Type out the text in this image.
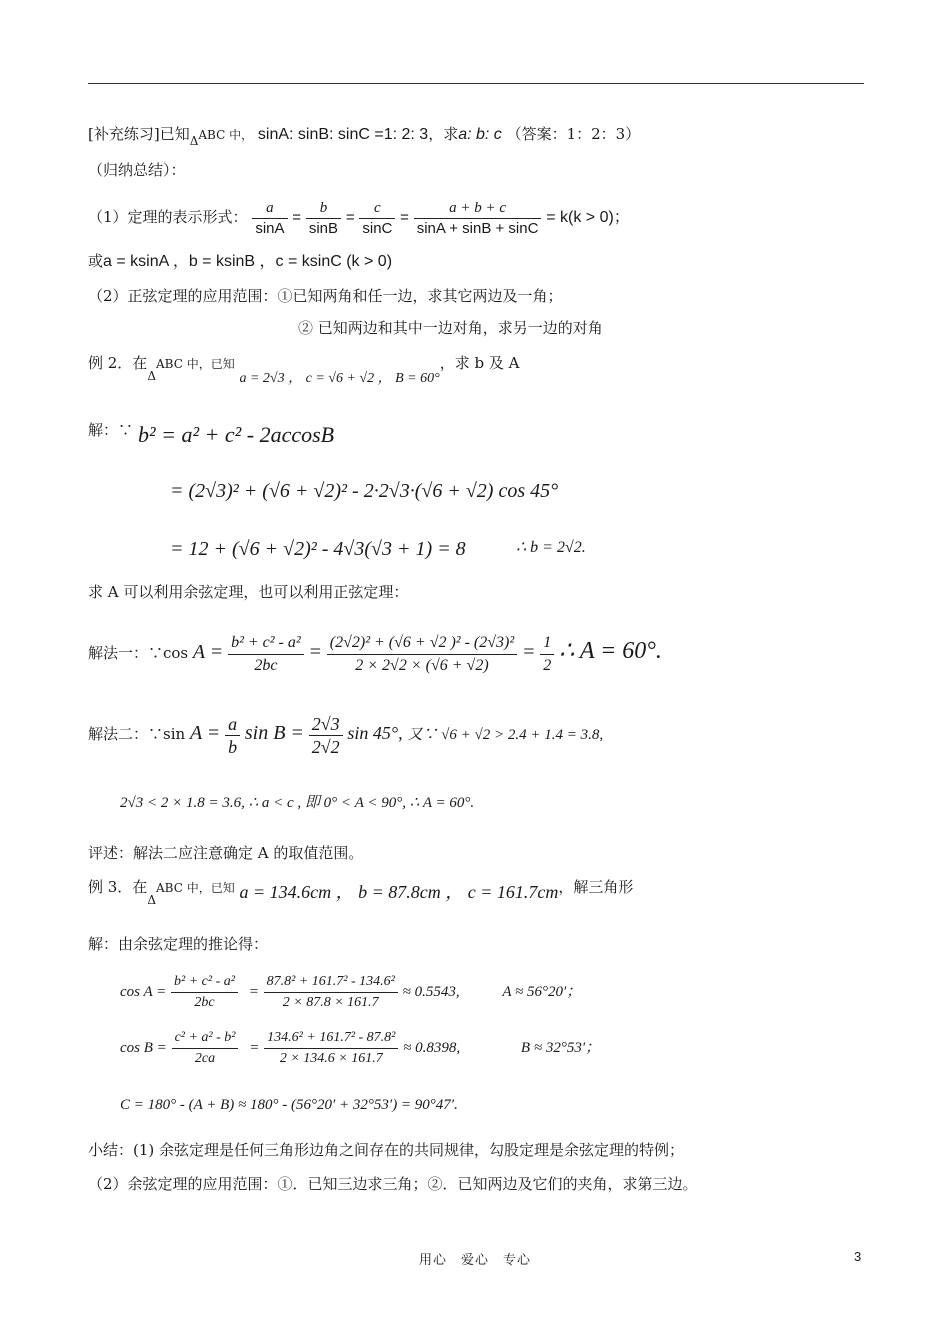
[补充练习]已知$_\Delta$ABC 中， sinA: sinB: sinC =1: 2: 3，求a: b: c （答案：1：2：3）
（归纳总结）：
（1）定理的表示形式： $\frac{a}{\sin A} = \frac{b}{\sin B} = \frac{c}{\sin C} = \frac{a + b + c}{\sin A + \sin B + \sin C} = k(k > 0)$；
或a = ksinA ，b = ksinB ，c = ksinC (k > 0)
（2）正弦定理的应用范围：①已知两角和任一边，求其它两边及一角；
② 已知两边和其中一边对角，求另一边的对角
例 2．在$_\Delta$ABC 中，已知 a = 2√3 ， c = √6 + √2 ， B = 60°，求 b 及 A
解：∵ b² = a² + c² - 2accosB
= (2√3)² + (√6 + √2)² - 2·2√3·(√6 + √2) cos 45°
= 12 + (√6 + √2)² - 4√3(√3 + 1) = 8	∴ b = 2√2.
求 A 可以利用余弦定理，也可以利用正弦定理：
解法一：∵cos $A = \frac{\text{b² + c² - a²}}{2bc} = \frac{\text{(2√2)² + (√6 + √2 )² - (2√3)²}}{2 \times 2√2 \times (√6 + √2)} = \frac{1}{2}$ ∴ A = 60°.
解法二：∵sin $A = \frac{a}{b}$ $\sin B = \frac{2√3}{2√2}$ sin 45°, 又∵ √6 + √2 > 2.4 + 1.4 = 3.8,
2√3 < 2 × 1.8 = 3.6, ∴ a < c , 即 0° < A < 90°, ∴ A = 60°.
评述：解法二应注意确定 A 的取值范围。
例 3．在$_\Delta$ABC 中，已知 a = 134.6cm ， b = 87.8cm ， c = 161.7cm，解三角形
解：由余弦定理的推论得：
$\cos A = \frac{\text{b² + c² - a²}}{2bc} = \frac{\text{87.8² + 161.7² - 134.6²}}{2 \times 87.8 \times 161.7} \approx 0.5543$,	A ≈ 56°20′；
$\cos B = \frac{\text{c² + a² - b²}}{2ca} = \frac{\text{134.6² + 161.7² - 87.8²}}{2 \times 134.6 \times 161.7} \approx 0.8398$,	B ≈ 32°53′；
C = 180° - (A + B) ≈ 180° - (56°20′ + 32°53′) = 90°47′.
小结：(1) 余弦定理是任何三角形边角之间存在的共同规律，勾股定理是余弦定理的特例；
（2）余弦定理的应用范围：①．已知三边求三角；②．已知两边及它们的夹角，求第三边。
用心　爱心　专心	3
